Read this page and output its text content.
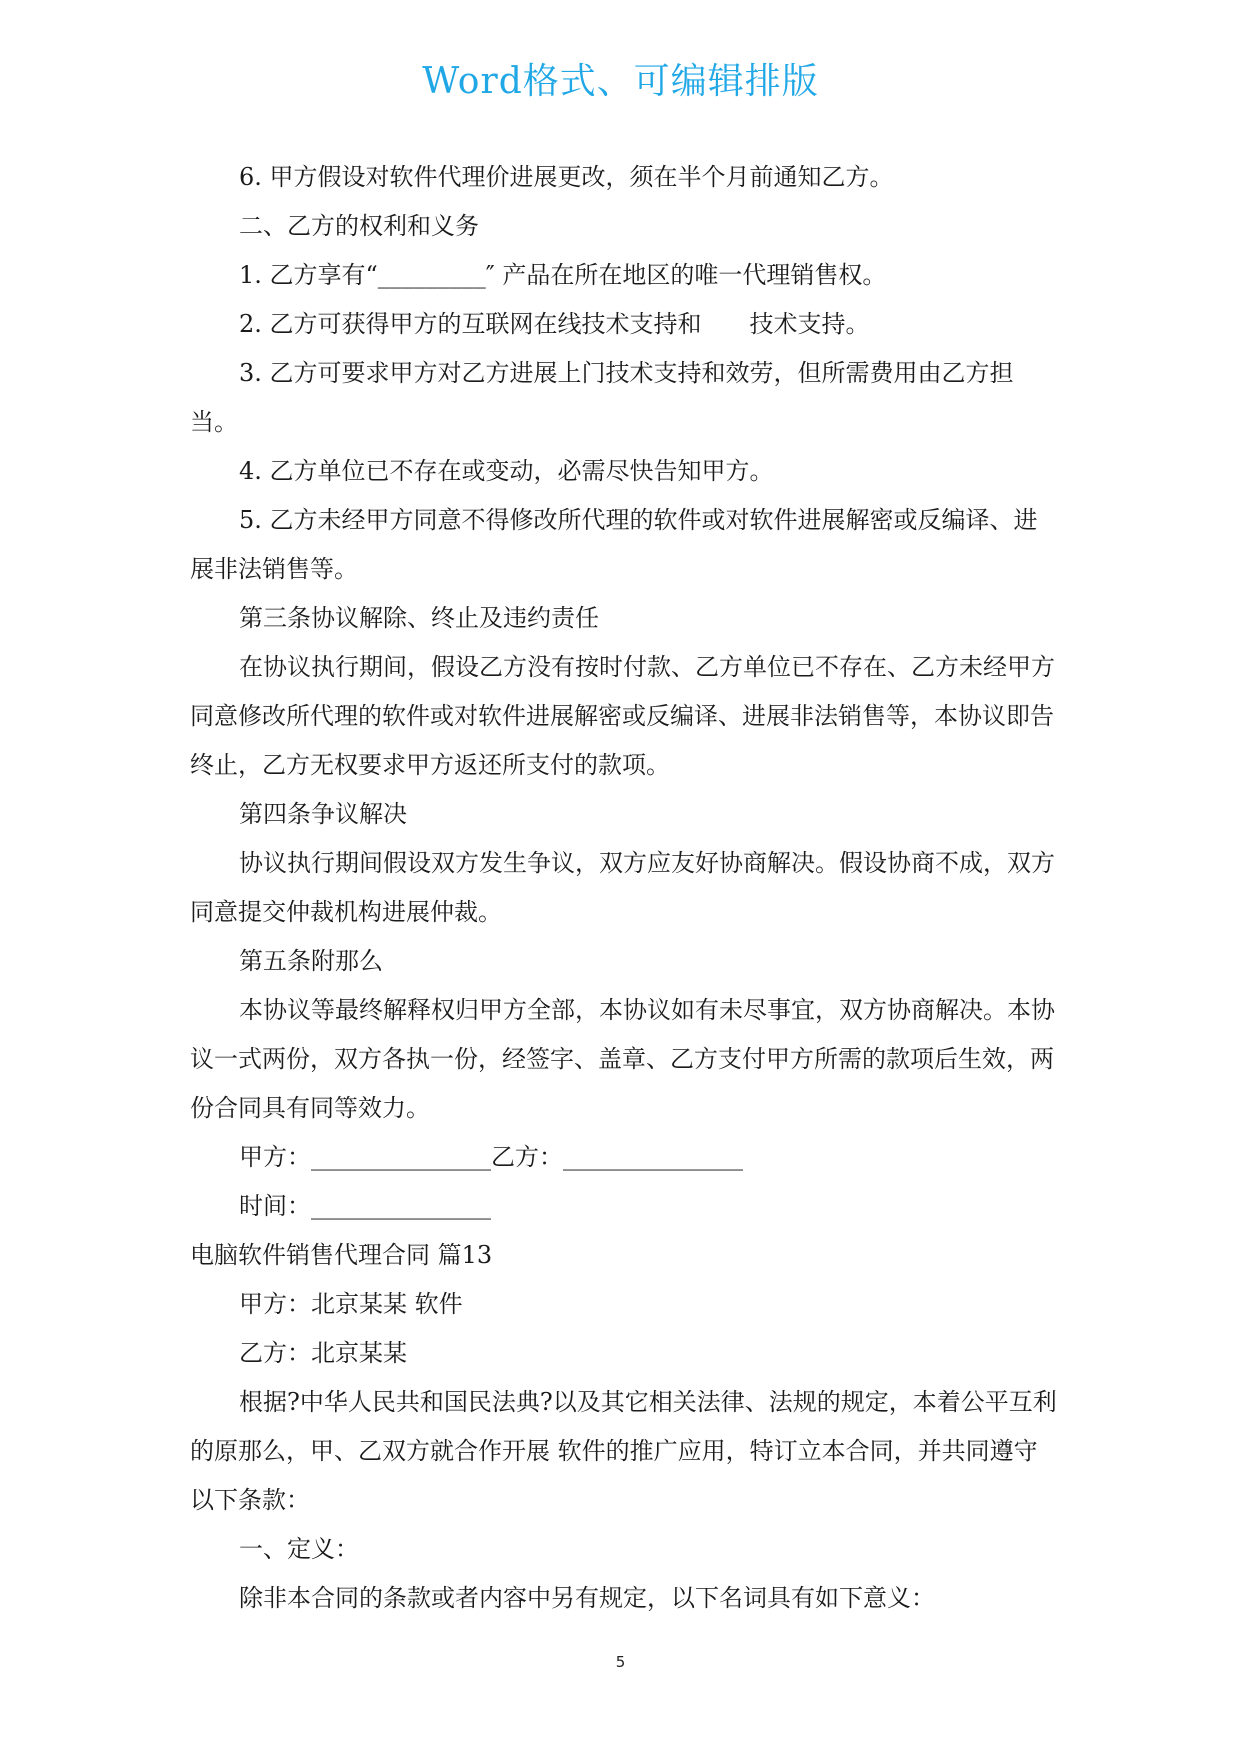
Word格式、可编辑排版

6. 甲方假设对软件代理价进展更改，须在半个月前通知乙方。

二、乙方的权利和义务

1. 乙方享有“_________″ 产品在所在地区的唯一代理销售权。

2. 乙方可获得甲方的互联网在线技术支持和　　技术支持。

3. 乙方可要求甲方对乙方进展上门技术支持和效劳，但所需费用由乙方担当。

4. 乙方单位已不存在或变动，必需尽快告知甲方。

5. 乙方未经甲方同意不得修改所代理的软件或对软件进展解密或反编译、进展非法销售等。

第三条协议解除、终止及违约责任

在协议执行期间，假设乙方没有按时付款、乙方单位已不存在、乙方未经甲方同意修改所代理的软件或对软件进展解密或反编译、进展非法销售等，本协议即告终止，乙方无权要求甲方返还所支付的款项。

第四条争议解决

协议执行期间假设双方发生争议，双方应友好协商解决。假设协商不成，双方同意提交仲裁机构进展仲裁。

第五条附那么

本协议等最终解释权归甲方全部，本协议如有未尽事宜，双方协商解决。本协议一式两份，双方各执一份，经签字、盖章、乙方支付甲方所需的款项后生效，两份合同具有同等效力。

甲方：_______________乙方：_______________

时间：_______________

电脑软件销售代理合同 篇13

甲方：北京某某 软件

乙方：北京某某

根据?中华人民共和国民法典?以及其它相关法律、法规的规定，本着公平互利的原那么，甲、乙双方就合作开展 软件的推广应用，特订立本合同，并共同遵守以下条款：

一、定义：

除非本合同的条款或者内容中另有规定，以下名词具有如下意义：

5
